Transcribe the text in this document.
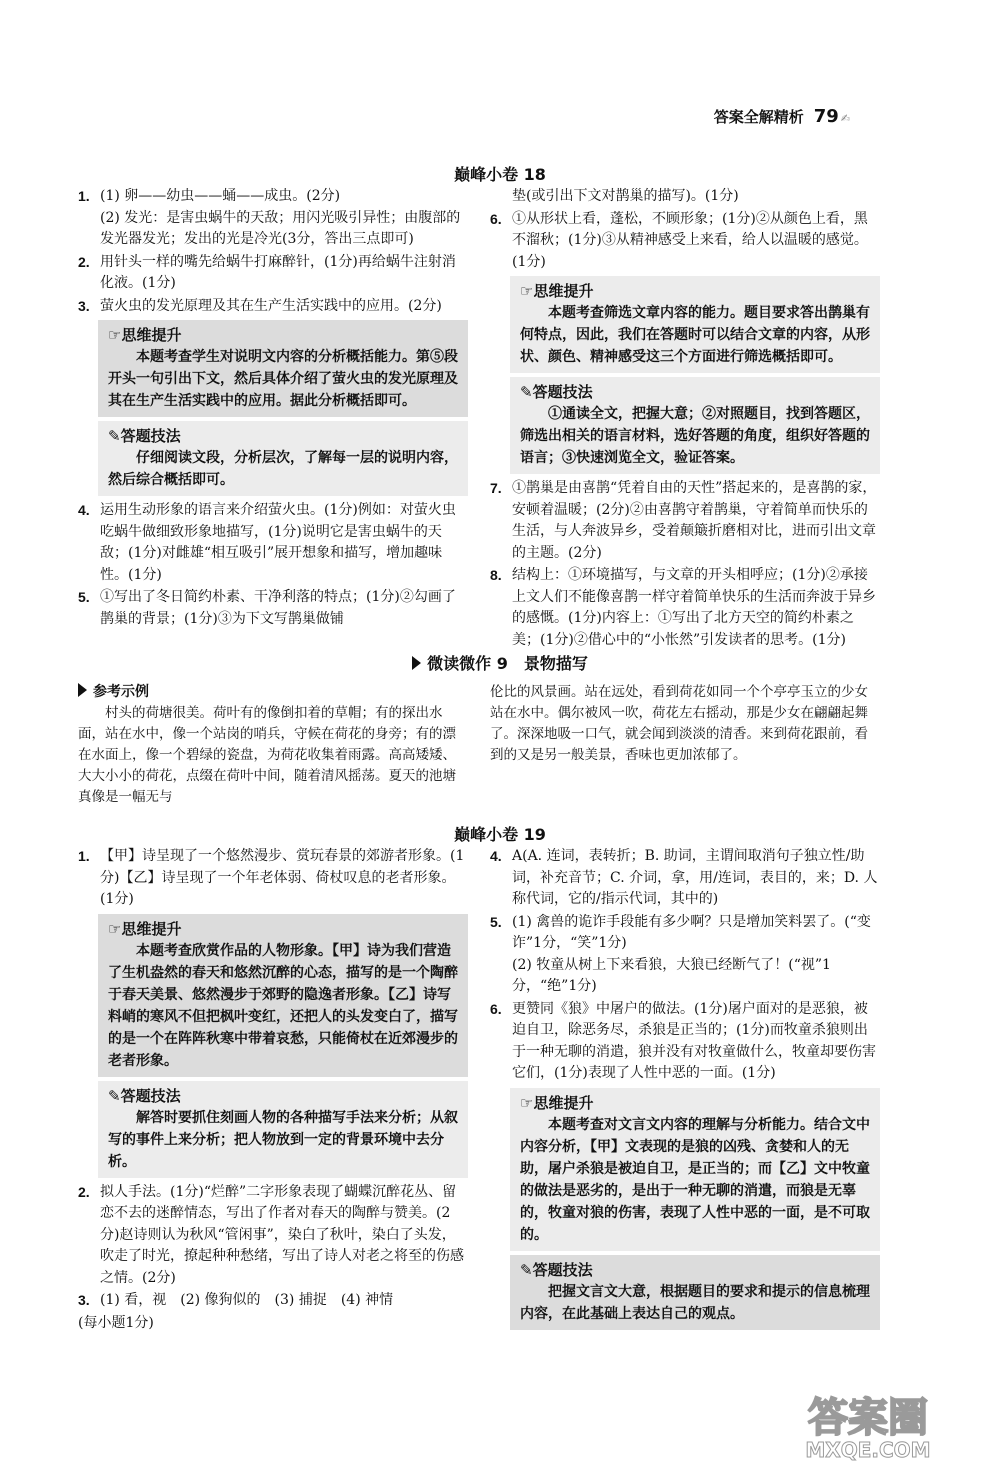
答案全解精析 79 ✍
巅峰小卷 18
1. (1) 卵——幼虫——蛹——成虫。(2分)
(2) 发光：是害虫蜗牛的天敌；用闪光吸引异性；由腹部的发光器发光；发出的光是冷光(3分，答出三点即可)
2. 用针头一样的嘴先给蜗牛打麻醉针，(1分)再给蜗牛注射消化液。(1分)
3. 萤火虫的发光原理及其在生产生活实践中的应用。(2分)
☞思维提升
本题考查学生对说明文内容的分析概括能力。第⑤段开头一句引出下文，然后具体介绍了萤火虫的发光原理及其在生产生活实践中的应用。据此分析概括即可。
✎答题技法
仔细阅读文段，分析层次，了解每一层的说明内容，然后综合概括即可。
4. 运用生动形象的语言来介绍萤火虫。(1分)例如：对萤火虫吃蜗牛做细致形象地描写，(1分)说明它是害虫蜗牛的天敌；(1分)对雌雄“相互吸引”展开想象和描写，增加趣味性。(1分)
5. ①写出了冬日简约朴素、干净利落的特点；(1分)②勾画了鹊巢的背景；(1分)③为下文写鹊巢做铺
垫(或引出下文对鹊巢的描写)。(1分)
6. ①从形状上看，蓬松，不顾形象；(1分)②从颜色上看，黑不溜秋；(1分)③从精神感受上来看，给人以温暖的感觉。(1分)
☞思维提升
本题考查筛选文章内容的能力。题目要求答出鹊巢有何特点，因此，我们在答题时可以结合文章的内容，从形状、颜色、精神感受这三个方面进行筛选概括即可。
✎答题技法
①通读全文，把握大意；②对照题目，找到答题区，筛选出相关的语言材料，选好答题的角度，组织好答题的语言；③快速浏览全文，验证答案。
7. ①鹊巢是由喜鹊“凭着自由的天性”搭起来的，是喜鹊的家，安顿着温暖；(2分)②由喜鹊守着鹊巢，守着简单而快乐的生活，与人奔波异乡，受着颠簸折磨相对比，进而引出文章的主题。(2分)
8. 结构上：①环境描写，与文章的开头相呼应；(1分)②承接上文人们不能像喜鹊一样守着简单快乐的生活而奔波于异乡的感慨。(1分)内容上：①写出了北方天空的简约朴素之美；(1分)②借心中的“小怅然”引发读者的思考。(1分)
微读微作 9　景物描写
参考示例
村头的荷塘很美。荷叶有的像倒扣着的草帽；有的探出水面，站在水中，像一个站岗的哨兵，守候在荷花的身旁；有的漂在水面上，像一个碧绿的瓷盘，为荷花收集着雨露。高高矮矮、大大小小的荷花，点缀在荷叶中间，随着清风摇荡。夏天的池塘真像是一幅无与
伦比的风景画。站在远处，看到荷花如同一个个亭亭玉立的少女站在水中。偶尔被风一吹，荷花左右摇动，那是少女在翩翩起舞了。深深地吸一口气，就会闻到淡淡的清香。来到荷花跟前，看到的又是另一般美景，香味也更加浓郁了。
巅峰小卷 19
1. 【甲】诗呈现了一个悠然漫步、赏玩春景的郊游者形象。(1分)【乙】诗呈现了一个年老体弱、倚杖叹息的老者形象。(1分)
☞思维提升
本题考查欣赏作品的人物形象。【甲】诗为我们营造了生机盎然的春天和悠然沉醉的心态，描写的是一个陶醉于春天美景、悠然漫步于郊野的隐逸者形象。【乙】诗写料峭的寒风不但把枫叶变红，还把人的头发变白了，描写的是一个在阵阵秋寒中带着哀愁，只能倚杖在近郊漫步的老者形象。
✎答题技法
解答时要抓住刻画人物的各种描写手法来分析；从叙写的事件上来分析；把人物放到一定的背景环境中去分析。
2. 拟人手法。(1分)“烂醉”二字形象表现了蝴蝶沉醉花丛、留恋不去的迷醉情态，写出了作者对春天的陶醉与赞美。(2分)赵诗则认为秋风“管闲事”，染白了秋叶，染白了头发，吹走了时光，撩起种种愁绪，写出了诗人对老之将至的伤感之情。(2分)
3. (1) 看，视　(2) 像狗似的　(3) 捕捉　(4) 神情
(每小题1分)
4. A(A. 连词，表转折；B. 助词，主谓间取消句子独立性/助词，补充音节；C. 介词，拿，用/连词，表目的，来；D. 人称代词，它的/指示代词，其中的)
5. (1) 禽兽的诡诈手段能有多少啊？只是增加笑料罢了。(“变诈”1分，“笑”1分)
(2) 牧童从树上下来看狼，大狼已经断气了！(“视”1分，“绝”1分)
6. 更赞同《狼》中屠户的做法。(1分)屠户面对的是恶狼，被迫自卫，除恶务尽，杀狼是正当的；(1分)而牧童杀狼则出于一种无聊的消遣，狼并没有对牧童做什么，牧童却要伤害它们，(1分)表现了人性中恶的一面。(1分)
☞思维提升
本题考查对文言文内容的理解与分析能力。结合文中内容分析，【甲】文表现的是狼的凶残、贪婪和人的无助，屠户杀狼是被迫自卫，是正当的；而【乙】文中牧童的做法是恶劣的，是出于一种无聊的消遣，而狼是无辜的，牧童对狼的伤害，表现了人性中恶的一面，是不可取的。
✎答题技法
把握文言文大意，根据题目的要求和提示的信息梳理内容，在此基础上表达自己的观点。
答案圈
MXQE.COM
